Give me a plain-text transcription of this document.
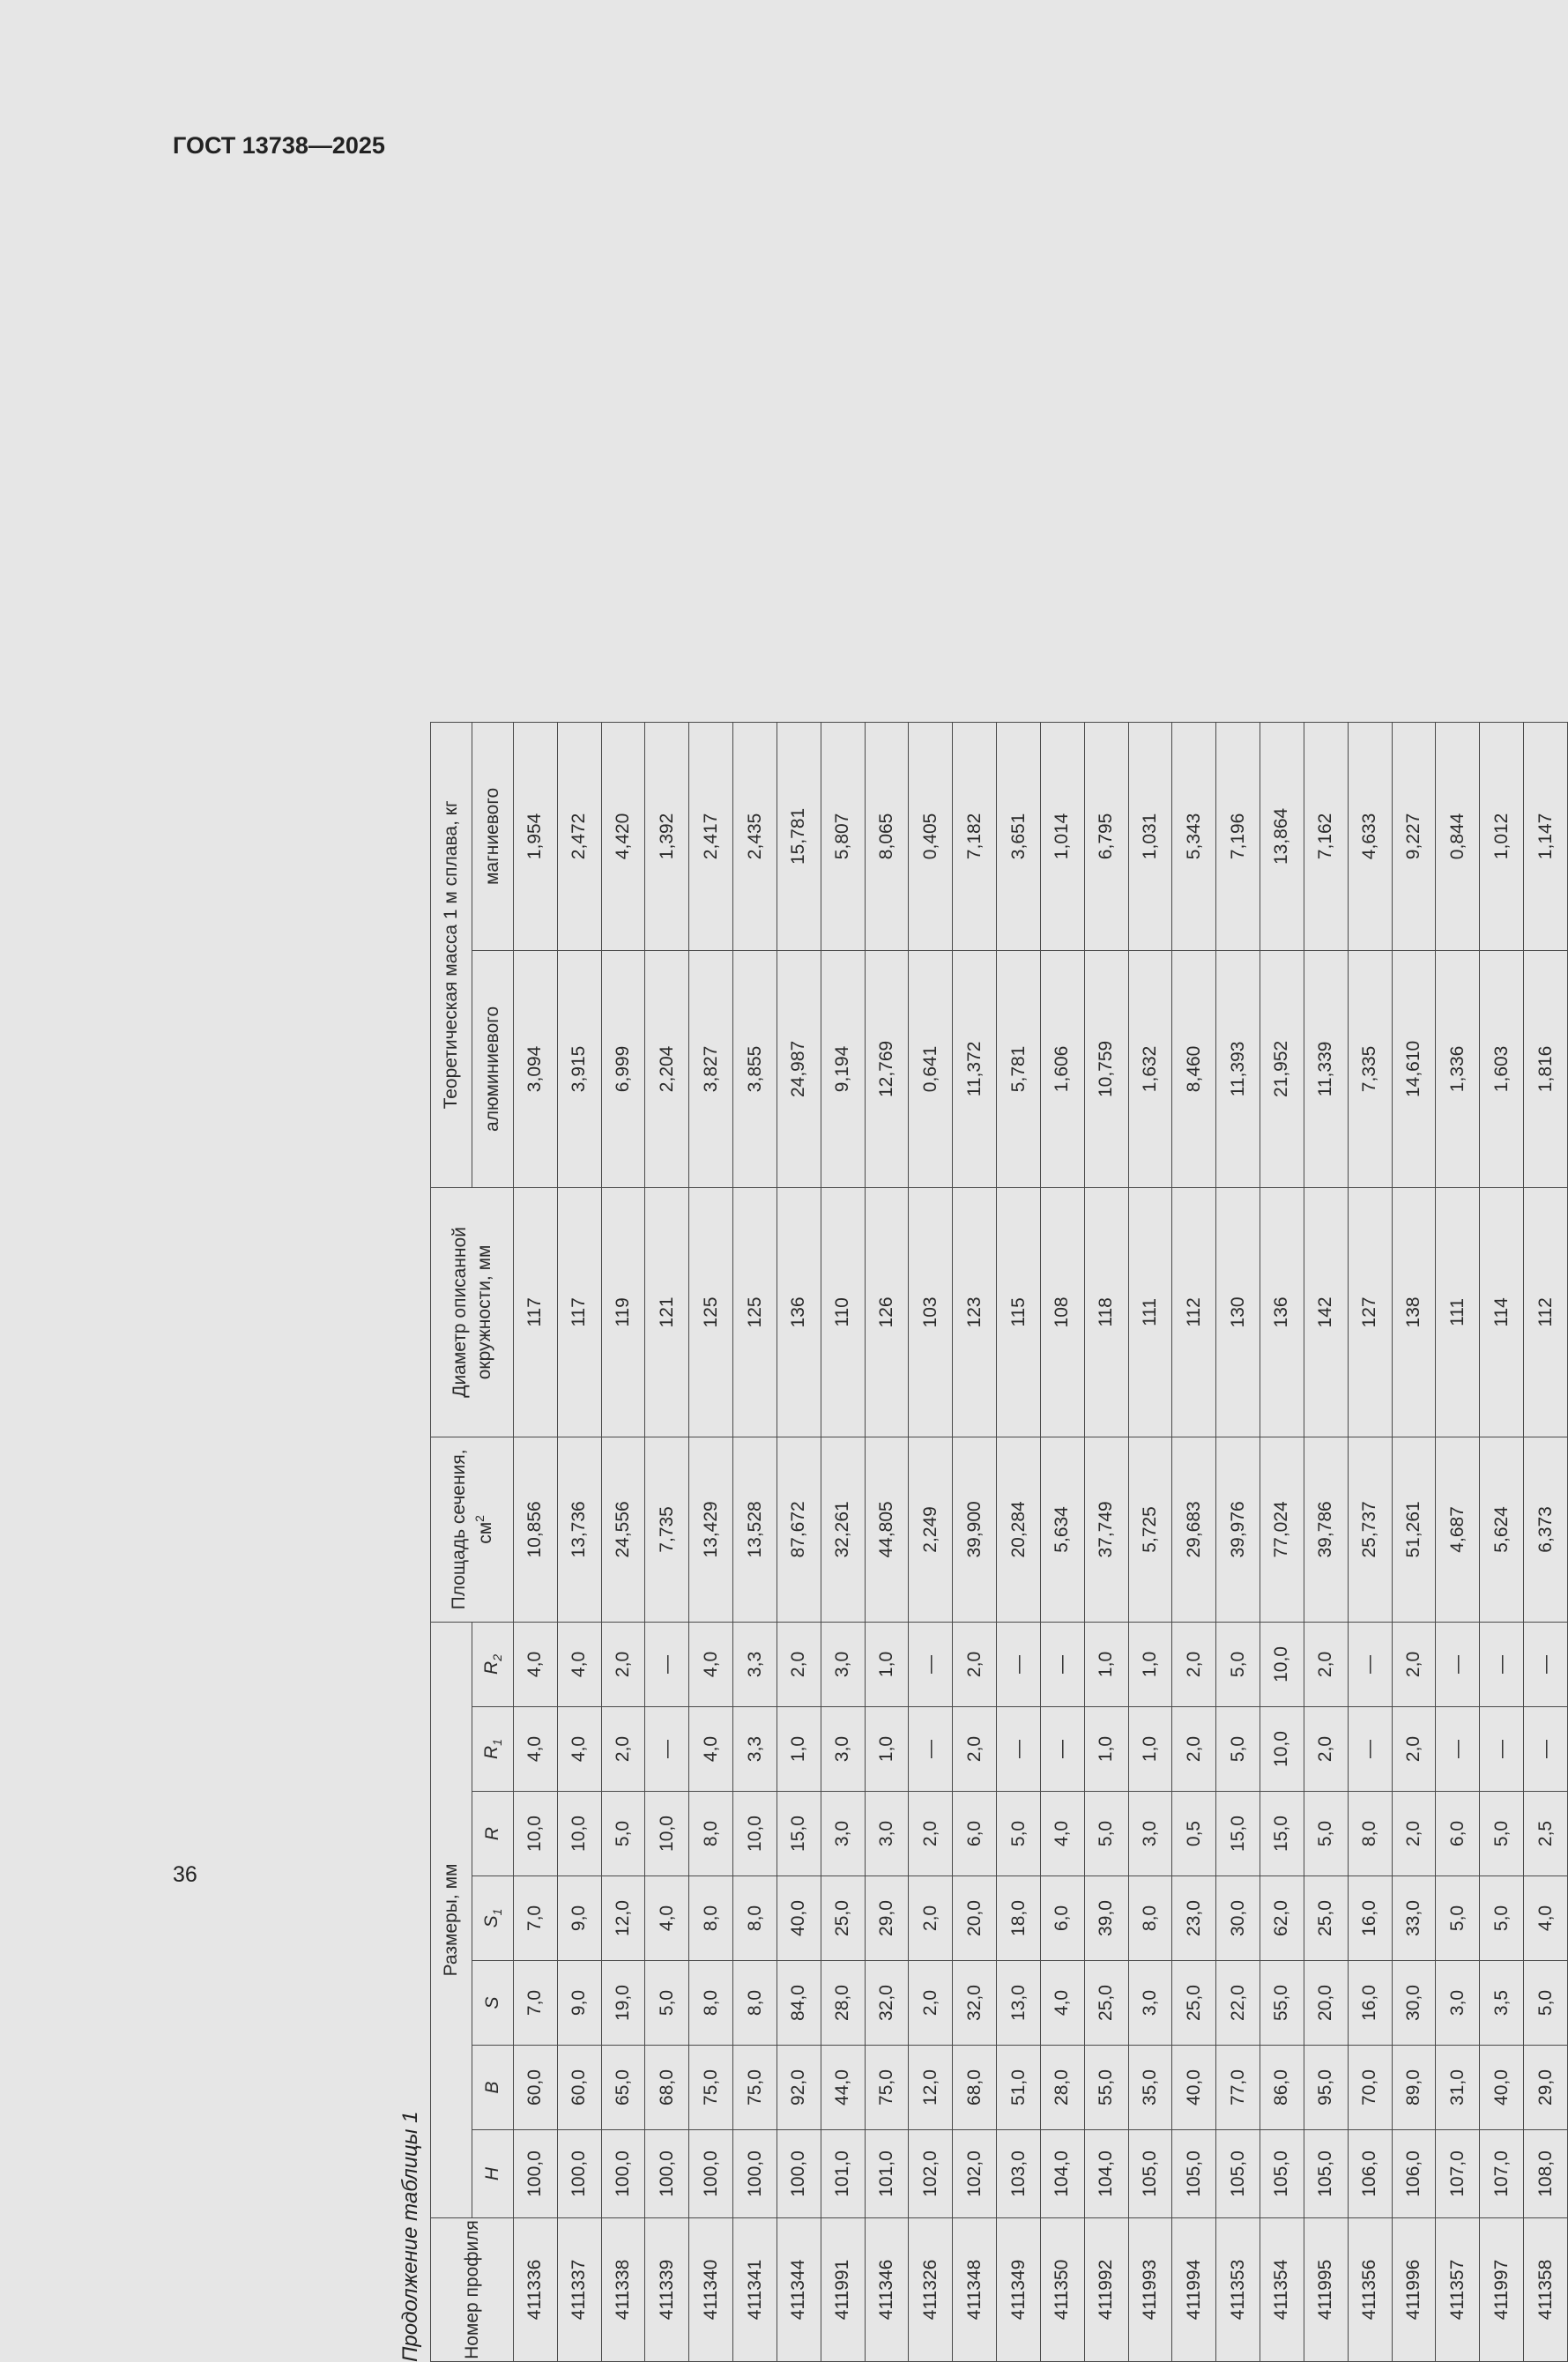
ГОСТ 13738—2025
36
Продолжение таблицы 1 Номер профиля	Размеры, мм							Площадь сечения, $см^2$	Диаметр описанной окружности, мм	Теоретическая масса 1 м сплава, кг	
	H	B	S	$S_1$	R	$R_1$	$R_2$			алюминиевого	магниевого
411336	100,0	60,0	7,0	7,0	10,0	4,0	4,0	10,856	117	3,094	1,954
411337	100,0	60,0	9,0	9,0	10,0	4,0	4,0	13,736	117	3,915	2,472
411338	100,0	65,0	19,0	12,0	5,0	2,0	2,0	24,556	119	6,999	4,420
411339	100,0	68,0	5,0	4,0	10,0	—	—	7,735	121	2,204	1,392
411340	100,0	75,0	8,0	8,0	8,0	4,0	4,0	13,429	125	3,827	2,417
411341	100,0	75,0	8,0	8,0	10,0	3,3	3,3	13,528	125	3,855	2,435
411344	100,0	92,0	84,0	40,0	15,0	1,0	2,0	87,672	136	24,987	15,781
411991	101,0	44,0	28,0	25,0	3,0	3,0	3,0	32,261	110	9,194	5,807
411346	101,0	75,0	32,0	29,0	3,0	1,0	1,0	44,805	126	12,769	8,065
411326	102,0	12,0	2,0	2,0	2,0	—	—	2,249	103	0,641	0,405
411348	102,0	68,0	32,0	20,0	6,0	2,0	2,0	39,900	123	11,372	7,182
411349	103,0	51,0	13,0	18,0	5,0	—	—	20,284	115	5,781	3,651
411350	104,0	28,0	4,0	6,0	4,0	—	—	5,634	108	1,606	1,014
411992	104,0	55,0	25,0	39,0	5,0	1,0	1,0	37,749	118	10,759	6,795
411993	105,0	35,0	3,0	8,0	3,0	1,0	1,0	5,725	111	1,632	1,031
411994	105,0	40,0	25,0	23,0	0,5	2,0	2,0	29,683	112	8,460	5,343
411353	105,0	77,0	22,0	30,0	15,0	5,0	5,0	39,976	130	11,393	7,196
411354	105,0	86,0	55,0	62,0	15,0	10,0	10,0	77,024	136	21,952	13,864
411995	105,0	95,0	20,0	25,0	5,0	2,0	2,0	39,786	142	11,339	7,162
411356	106,0	70,0	16,0	16,0	8,0	—	—	25,737	127	7,335	4,633
411996	106,0	89,0	30,0	33,0	2,0	2,0	2,0	51,261	138	14,610	9,227
411357	107,0	31,0	3,0	5,0	6,0	—	—	4,687	111	1,336	0,844
411997	107,0	40,0	3,5	5,0	5,0	—	—	5,624	114	1,603	1,012
411358	108,0	29,0	5,0	4,0	2,5	—	—	6,373	112	1,816	1,147
